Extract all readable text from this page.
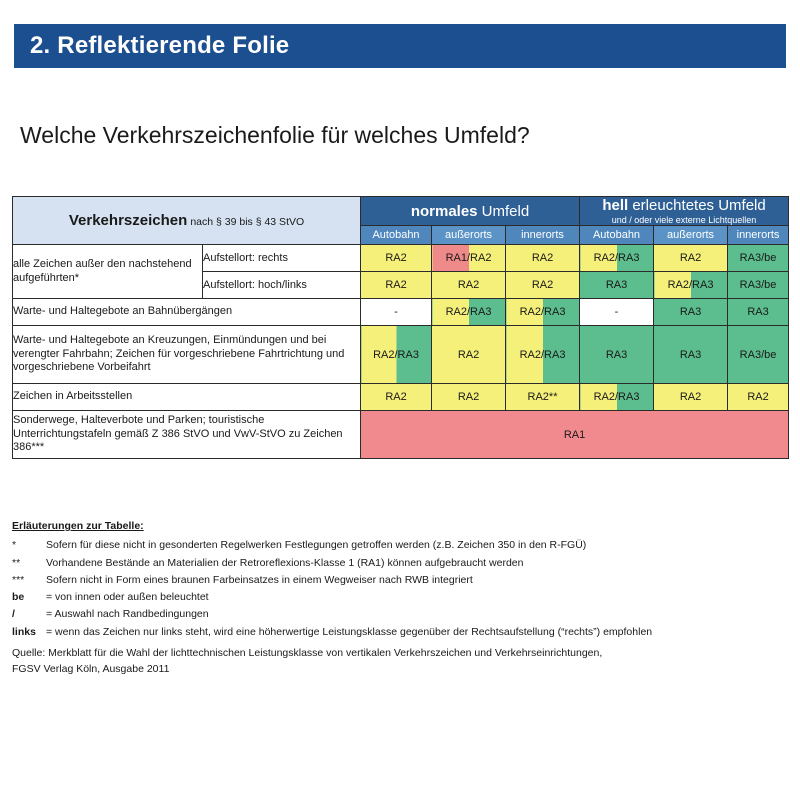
2. Reflektierende Folie
Welche Verkehrszeichenfolie für welches Umfeld?
Verkehrszeichen nach § 39 bis § 43 StVO		normales Umfeld			hell erleuchtetes Umfeld
und / oder viele externe Lichtquellen		

		Autobahn	außerorts	innerorts	Autobahn	außerorts	innerorts
alle Zeichen außer den nachstehend aufgeführten*	Aufstellort: rechts	RA2	RA1/RA2	RA2	RA2/RA3	RA2	RA3/be
	Aufstellort: hoch/links	RA2	RA2	RA2	RA3	RA2/RA3	RA3/be
Warte- und Haltegebote an Bahnübergängen		-	RA2/RA3	RA2/RA3	-	RA3	RA3
Warte- und Haltegebote an Kreuzungen, Einmündungen und bei verengter Fahrbahn; Zeichen für vorgeschriebene Fahrtrichtung und vorgeschriebene Vorbeifahrt		RA2/RA3	RA2	RA2/RA3	RA3	RA3	RA3/be
Zeichen in Arbeitsstellen		RA2	RA2	RA2**	RA2/RA3	RA2	RA2
Sonderwege, Halteverbote und Parken; touristische Unterrichtungstafeln gemäß Z 386 StVO und VwV-StVO zu Zeichen 386***		RA1					
Erläuterungen zur Tabelle:
*	Sofern für diese nicht in gesonderten Regelwerken Festlegungen getroffen werden (z.B. Zeichen 350 in den R-FGÜ)
**	Vorhandene Bestände an Materialien der Retroreflexions-Klasse 1 (RA1) können aufgebraucht werden
***	Sofern nicht in Form eines braunen Farbeinsatzes in einem Wegweiser nach RWB integriert
be	= von innen oder außen beleuchtet
/	= Auswahl nach Randbedingungen
links = wenn das Zeichen nur links steht, wird eine höherwertige Leistungsklasse gegenüber der Rechtsaufstellung (“rechts”) empfohlen
Quelle: Merkblatt für die Wahl der lichttechnischen Leistungsklasse von vertikalen Verkehrszeichen und Verkehrseinrichtungen,
FGSV Verlag Köln, Ausgabe 2011
